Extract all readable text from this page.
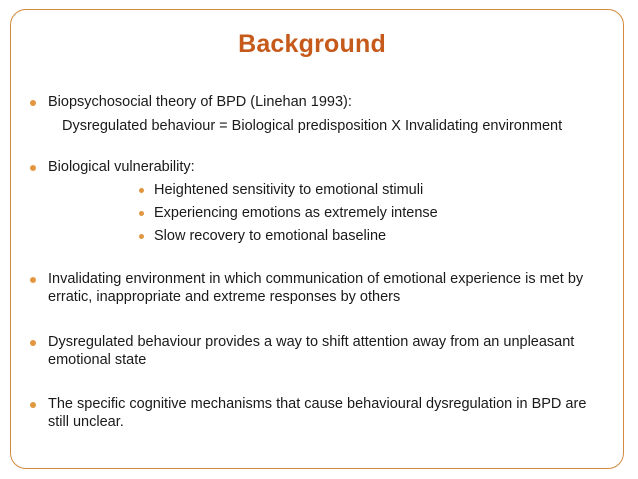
Background
Biopsychosocial theory of BPD (Linehan 1993):
Dysregulated behaviour = Biological predisposition X Invalidating environment
Biological vulnerability:
Heightened sensitivity to emotional stimuli
Experiencing emotions as extremely intense
Slow recovery to emotional baseline
Invalidating environment in which communication of emotional experience is met by erratic, inappropriate and extreme responses by others
Dysregulated behaviour provides a way to shift attention away from an unpleasant emotional state
The specific cognitive mechanisms that cause behavioural dysregulation in BPD are still unclear.
